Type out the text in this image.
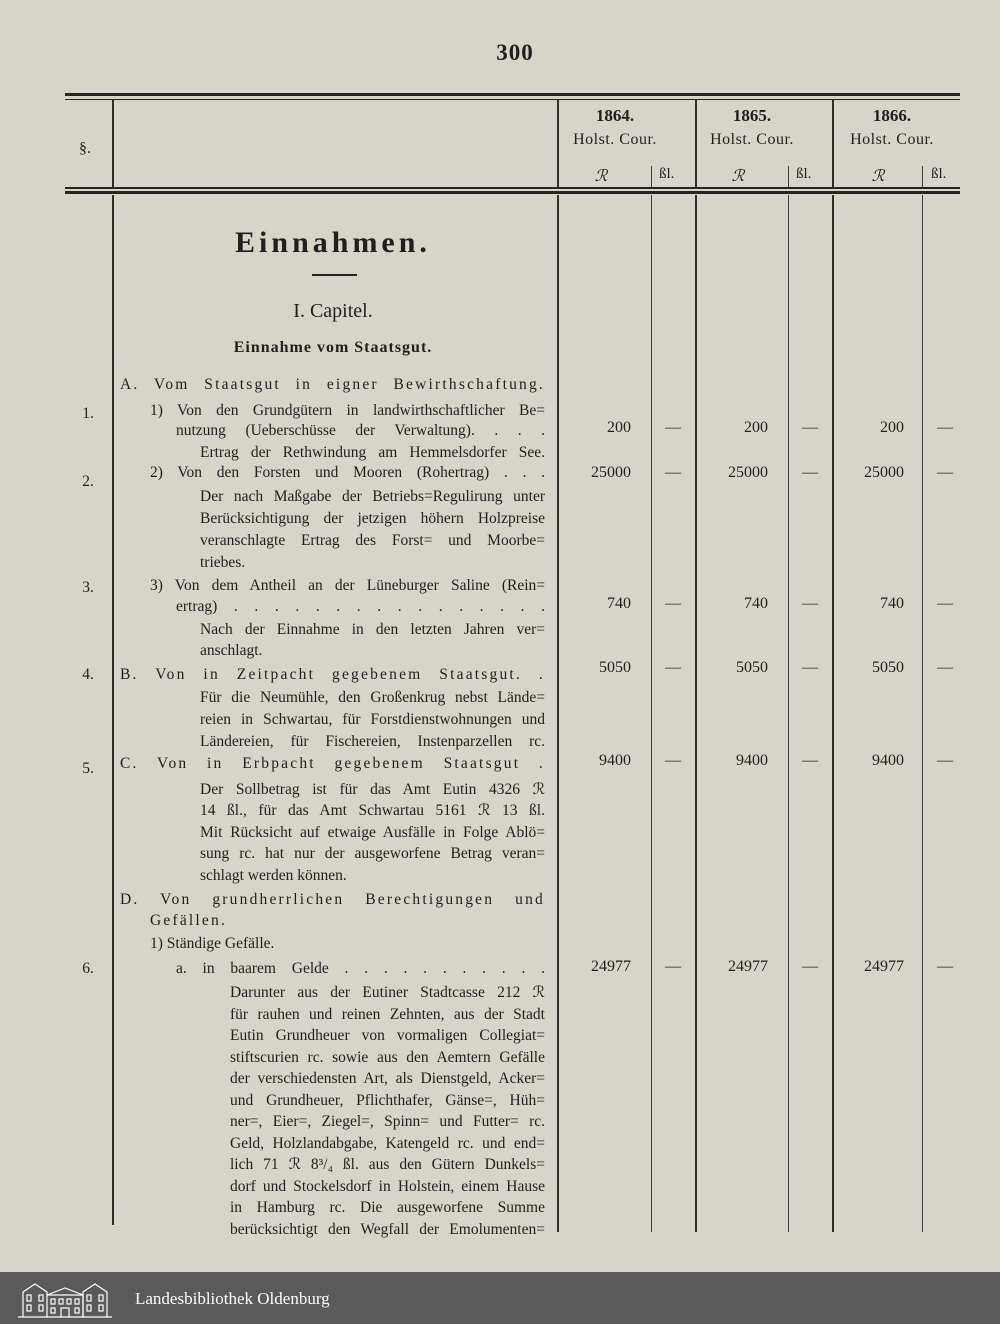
300
§.
1864.
Holst. Cour.
ℛ	ßl.
1865.
Holst. Cour.
ℛ	ßl.
1866.
Holst. Cour.
ℛ	ßl.
Einnahmen.
I. Capitel.
Einnahme vom Staatsgut.
A. Vom Staatsgut in eigner Bewirthschaftung.
1.	1) Von den Grundgütern in landwirthschaftlicher Be=
nutzung (Ueberschüsse der Verwaltung). . . .
Ertrag der Rethwindung am Hemmelsdorfer See.
200	—	200	—	200	—
2.
2) Von den Forsten und Mooren (Rohertrag) . . .
Der nach Maßgabe der Betriebs=Regulirung unter
Berücksichtigung der jetzigen höhern Holzpreise
veranschlagte Ertrag des Forst= und Moorbe=
triebes.
25000	—	25000	—	25000	—
3.	3) Von dem Antheil an der Lüneburger Saline (Rein=
ertrag) . . . . . . . . . . . . . . . .
Nach der Einnahme in den letzten Jahren ver=
anschlagt.
740	—	740	—	740	—
4.	B. Von in Zeitpacht gegebenem Staatsgut. .
Für die Neumühle, den Großenkrug nebst Lände=
reien in Schwartau, für Forstdienstwohnungen und
Ländereien, für Fischereien, Instenparzellen rc.
5050	—	5050	—	5050	—
5.	C. Von in Erbpacht gegebenem Staatsgut .
Der Sollbetrag ist für das Amt Eutin 4326 ℛ
14 ßl., für das Amt Schwartau 5161 ℛ 13 ßl.
Mit Rücksicht auf etwaige Ausfälle in Folge Ablö=
sung rc. hat nur der ausgeworfene Betrag veran=
schlagt werden können.
9400	—	9400	—	9400	—
D. Von grundherrlichen Berechtigungen und
Gefällen.
1) Ständige Gefälle.
6.	a. in baarem Gelde . . . . . . . . . . .
Darunter aus der Eutiner Stadtcasse 212 ℛ
für rauhen und reinen Zehnten, aus der Stadt
Eutin Grundheuer von vormaligen Collegiat=
stiftscurien rc. sowie aus den Aemtern Gefälle
der verschiedensten Art, als Dienstgeld, Acker=
und Grundheuer, Pflichthafer, Gänse=, Hüh=
ner=, Eier=, Ziegel=, Spinn= und Futter= rc.
Geld, Holzlandabgabe, Katengeld rc. und end=
lich 71 ℛ 8³/₄ ßl. aus den Gütern Dunkels=
dorf und Stockelsdorf in Holstein, einem Hause
in Hamburg rc. Die ausgeworfene Summe
berücksichtigt den Wegfall der Emolumenten=
24977	—	24977	—	24977	—
Landesbibliothek Oldenburg
